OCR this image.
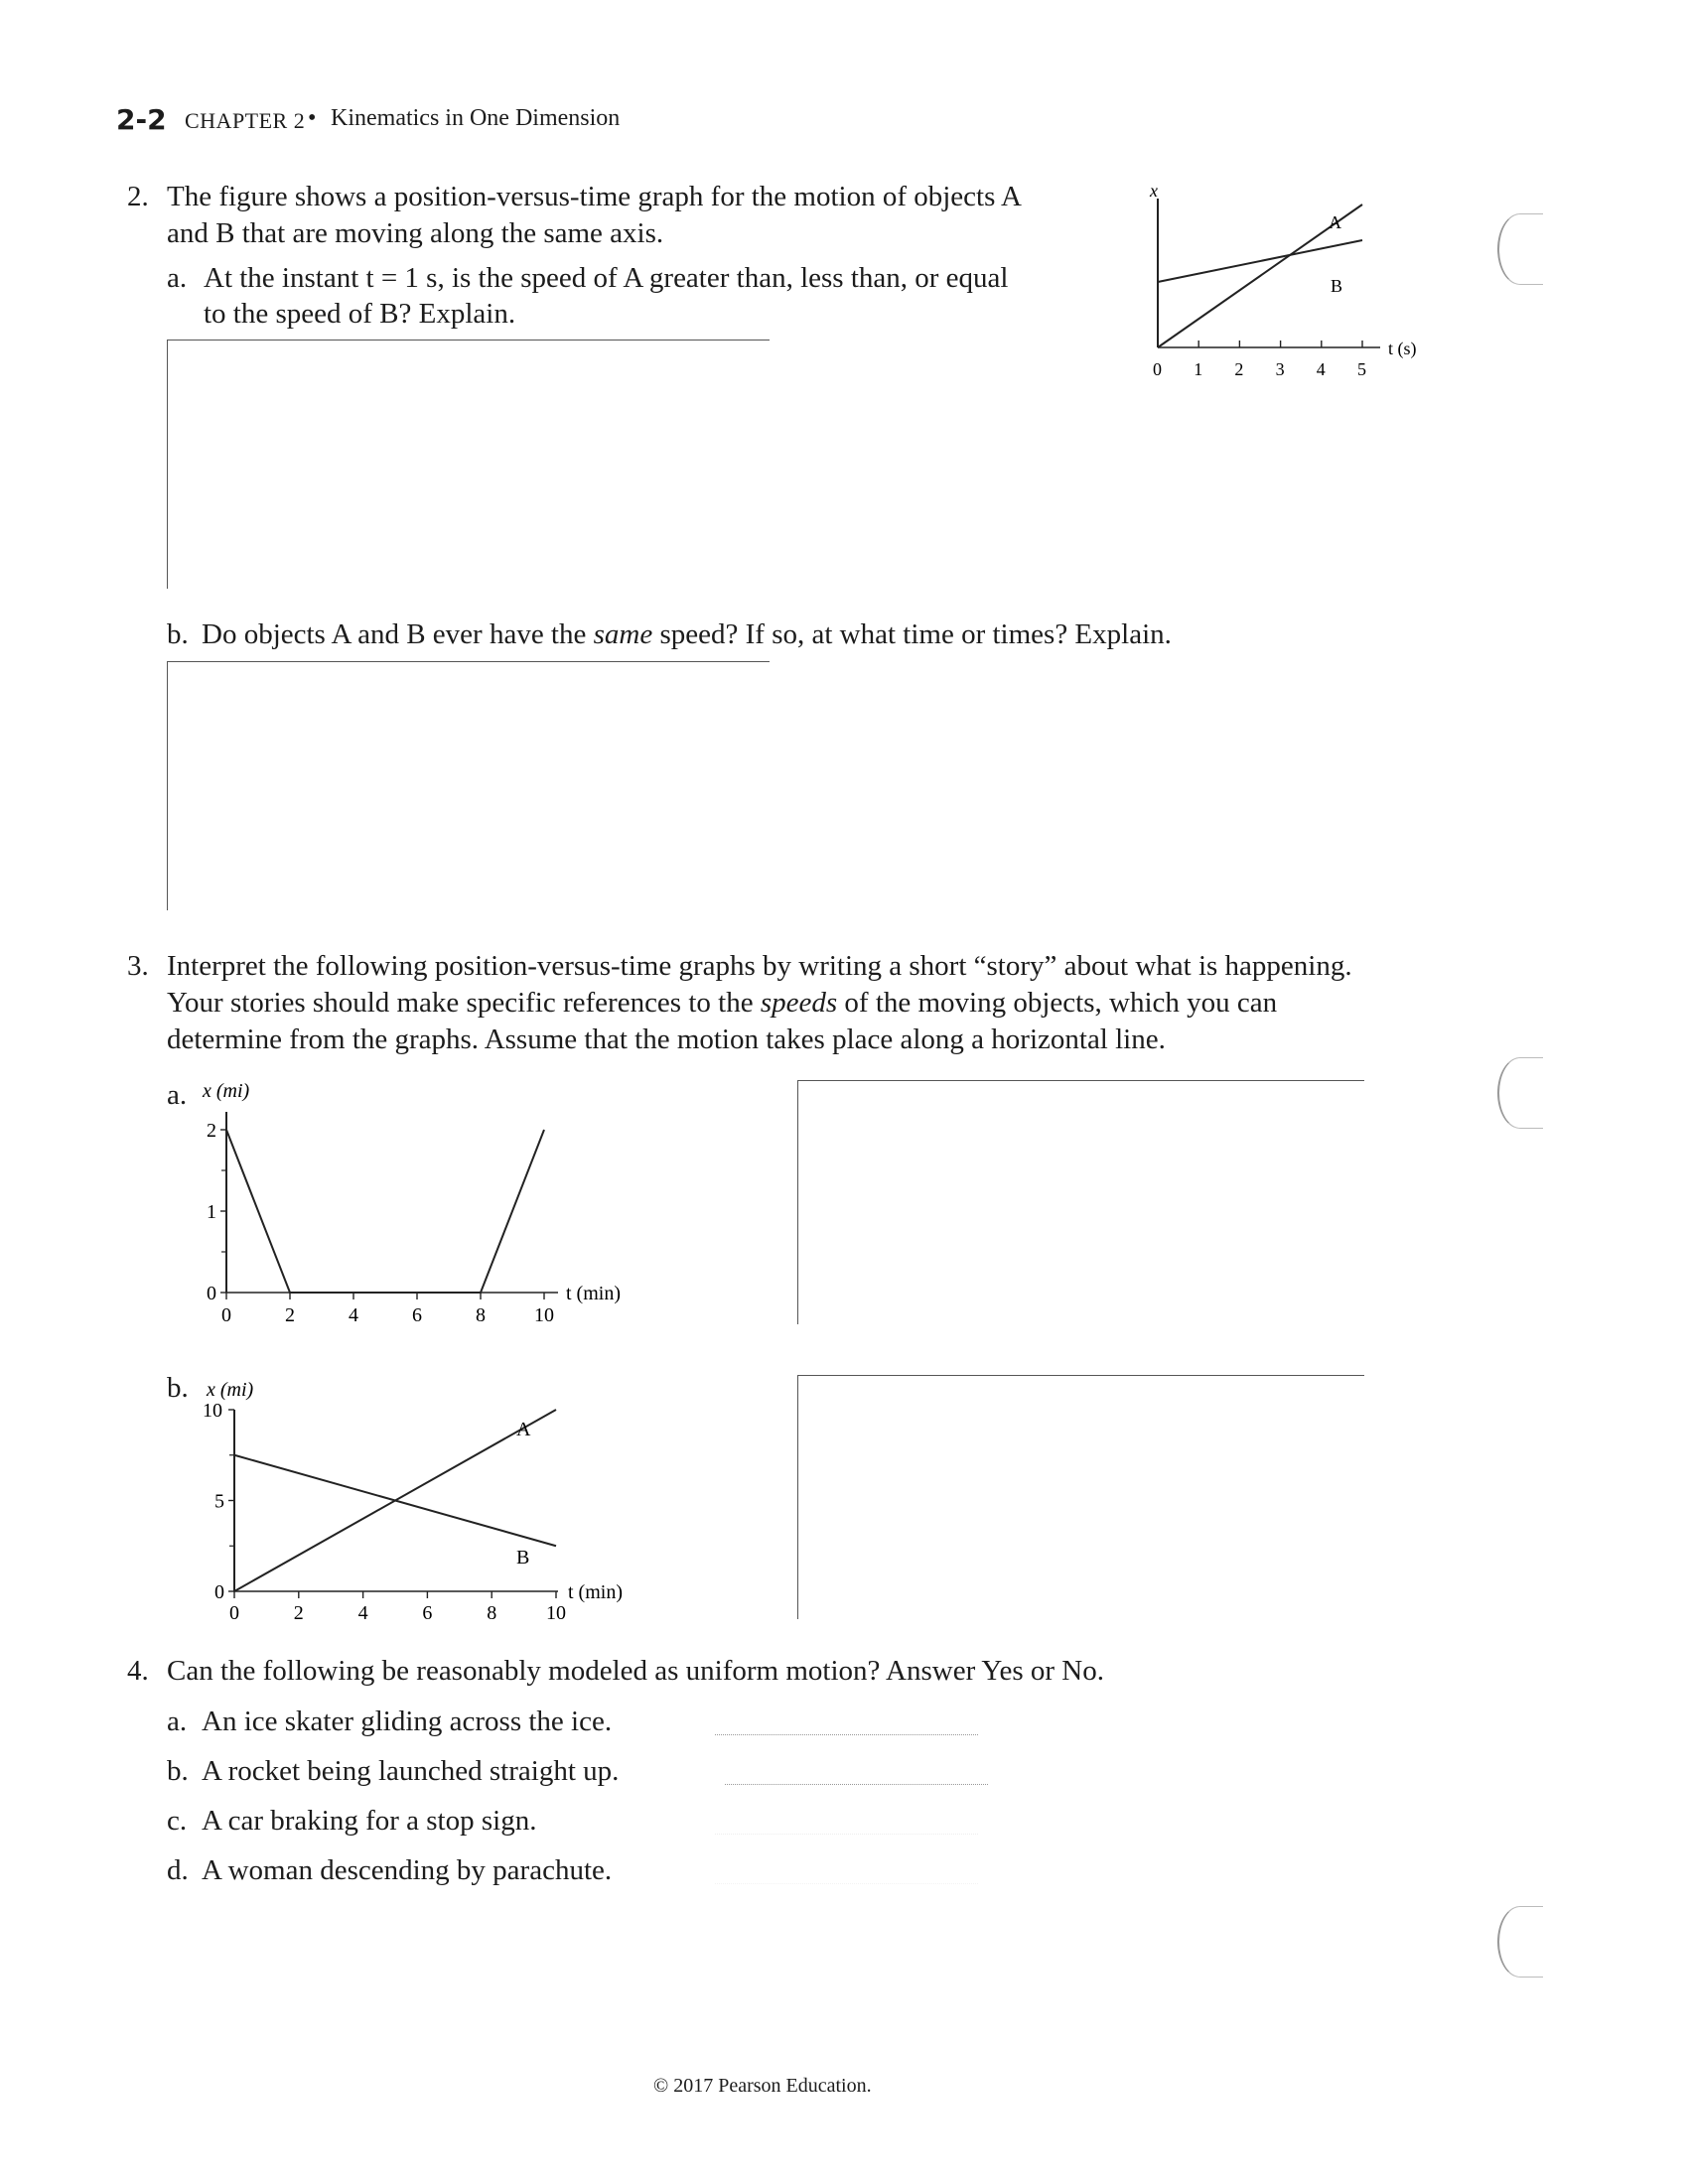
2-2 CHAPTER 2 • Kinematics in One Dimension
2. The figure shows a position-versus-time graph for the motion of objects A
and B that are moving along the same axis.
a. At the instant t = 1 s, is the speed of A greater than, less than, or equal
to the speed of B? Explain.
b. Do objects A and B ever have the same speed? If so, at what time or times? Explain.
0 1 2 3 4 5
x
t (s)
A
B
3. Interpret the following position-versus-time graphs by writing a short “story” about what is happening.
Your stories should make specific references to the speeds of the moving objects, which you can
determine from the graphs. Assume that the motion takes place along a horizontal line.
a. x (mi)
2
1
0
0	2	4	6	8 10
t (min)
b. x (mi)
10
5
0
0	2	4	6	8 10
t (min)
A
B
4. Can the following be reasonably modeled as uniform motion? Answer Yes or No.
a. An ice skater gliding across the ice.
b. A rocket being launched straight up.
c. A car braking for a stop sign.
d. A woman descending by parachute.
© 2017 Pearson Education.
